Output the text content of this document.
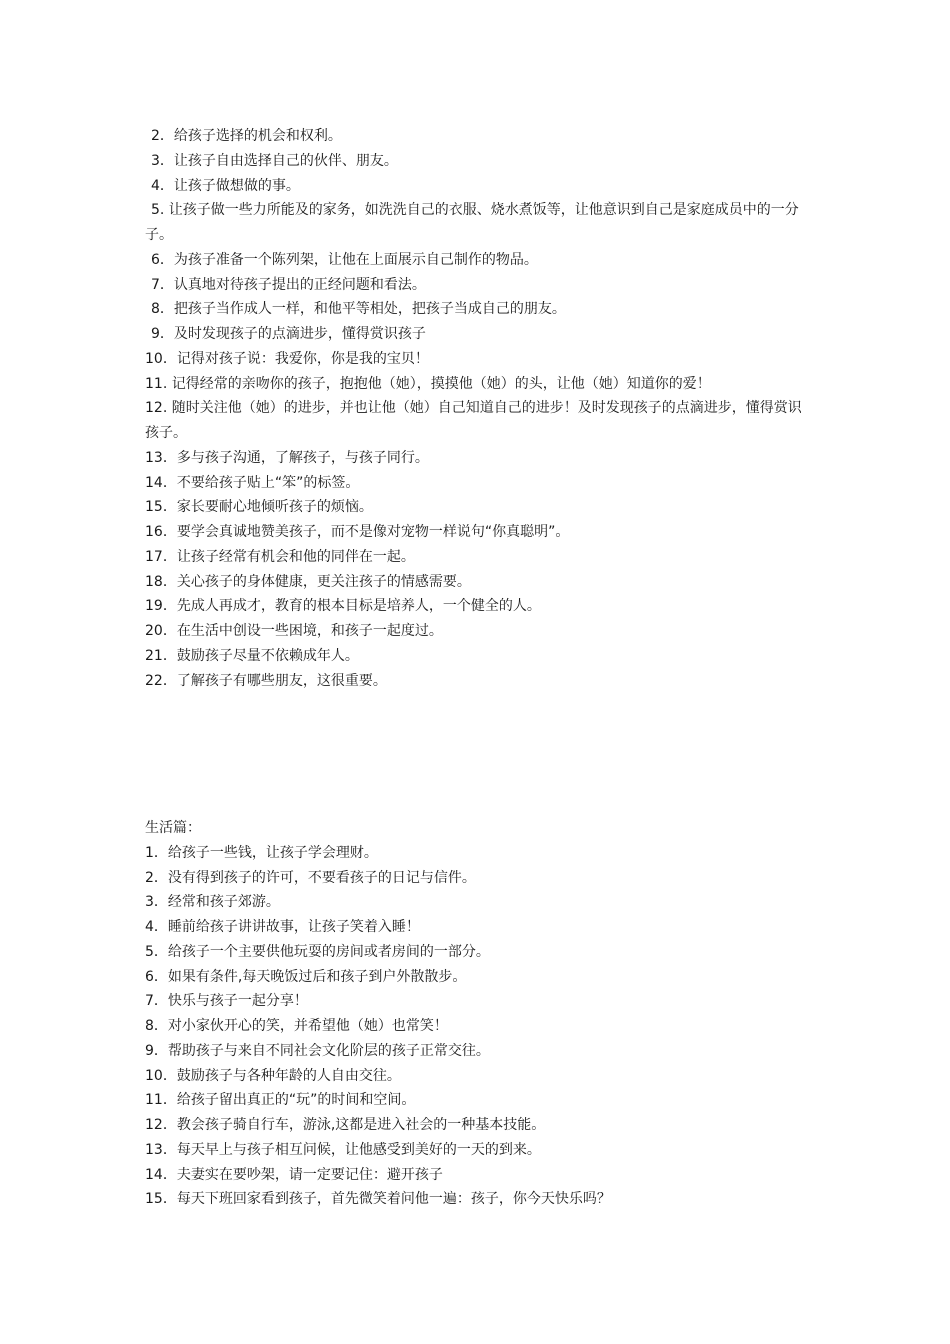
2．给孩子选择的机会和权利。
3．让孩子自由选择自己的伙伴、朋友。
4．让孩子做想做的事。
5. 让孩子做一些力所能及的家务，如洗洗自己的衣服、烧水煮饭等，让他意识到自己是家庭成员中的一分子。
6．为孩子准备一个陈列架，让他在上面展示自己制作的物品。
7．认真地对待孩子提出的正经问题和看法。
8．把孩子当作成人一样，和他平等相处，把孩子当成自己的朋友。
9．及时发现孩子的点滴进步，懂得赏识孩子
10．记得对孩子说：我爱你，你是我的宝贝！
11. 记得经常的亲吻你的孩子，抱抱他（她），摸摸他（她）的头，让他（她）知道你的爱！
12. 随时关注他（她）的进步，并也让他（她）自己知道自己的进步！及时发现孩子的点滴进步，懂得赏识孩子。
13．多与孩子沟通，了解孩子，与孩子同行。
14．不要给孩子贴上“笨”的标签。
15．家长要耐心地倾听孩子的烦恼。
16．要学会真诚地赞美孩子，而不是像对宠物一样说句“你真聪明”。
17．让孩子经常有机会和他的同伴在一起。
18．关心孩子的身体健康，更关注孩子的情感需要。
19．先成人再成才，教育的根本目标是培养人，一个健全的人。
20．在生活中创设一些困境，和孩子一起度过。
21．鼓励孩子尽量不依赖成年人。
22．了解孩子有哪些朋友，这很重要。
生活篇：
1．给孩子一些钱，让孩子学会理财。
2．没有得到孩子的许可，不要看孩子的日记与信件。
3．经常和孩子郊游。
4．睡前给孩子讲讲故事，让孩子笑着入睡！
5．给孩子一个主要供他玩耍的房间或者房间的一部分。
6．如果有条件,每天晚饭过后和孩子到户外散散步。
7．快乐与孩子一起分享！
8．对小家伙开心的笑，并希望他（她）也常笑！
9．帮助孩子与来自不同社会文化阶层的孩子正常交往。
10．鼓励孩子与各种年龄的人自由交往。
11．给孩子留出真正的“玩”的时间和空间。
12．教会孩子骑自行车，游泳,这都是进入社会的一种基本技能。
13．每天早上与孩子相互问候，让他感受到美好的一天的到来。
14．夫妻实在要吵架，请一定要记住：避开孩子
15．每天下班回家看到孩子，首先微笑着问他一遍：孩子，你今天快乐吗？
